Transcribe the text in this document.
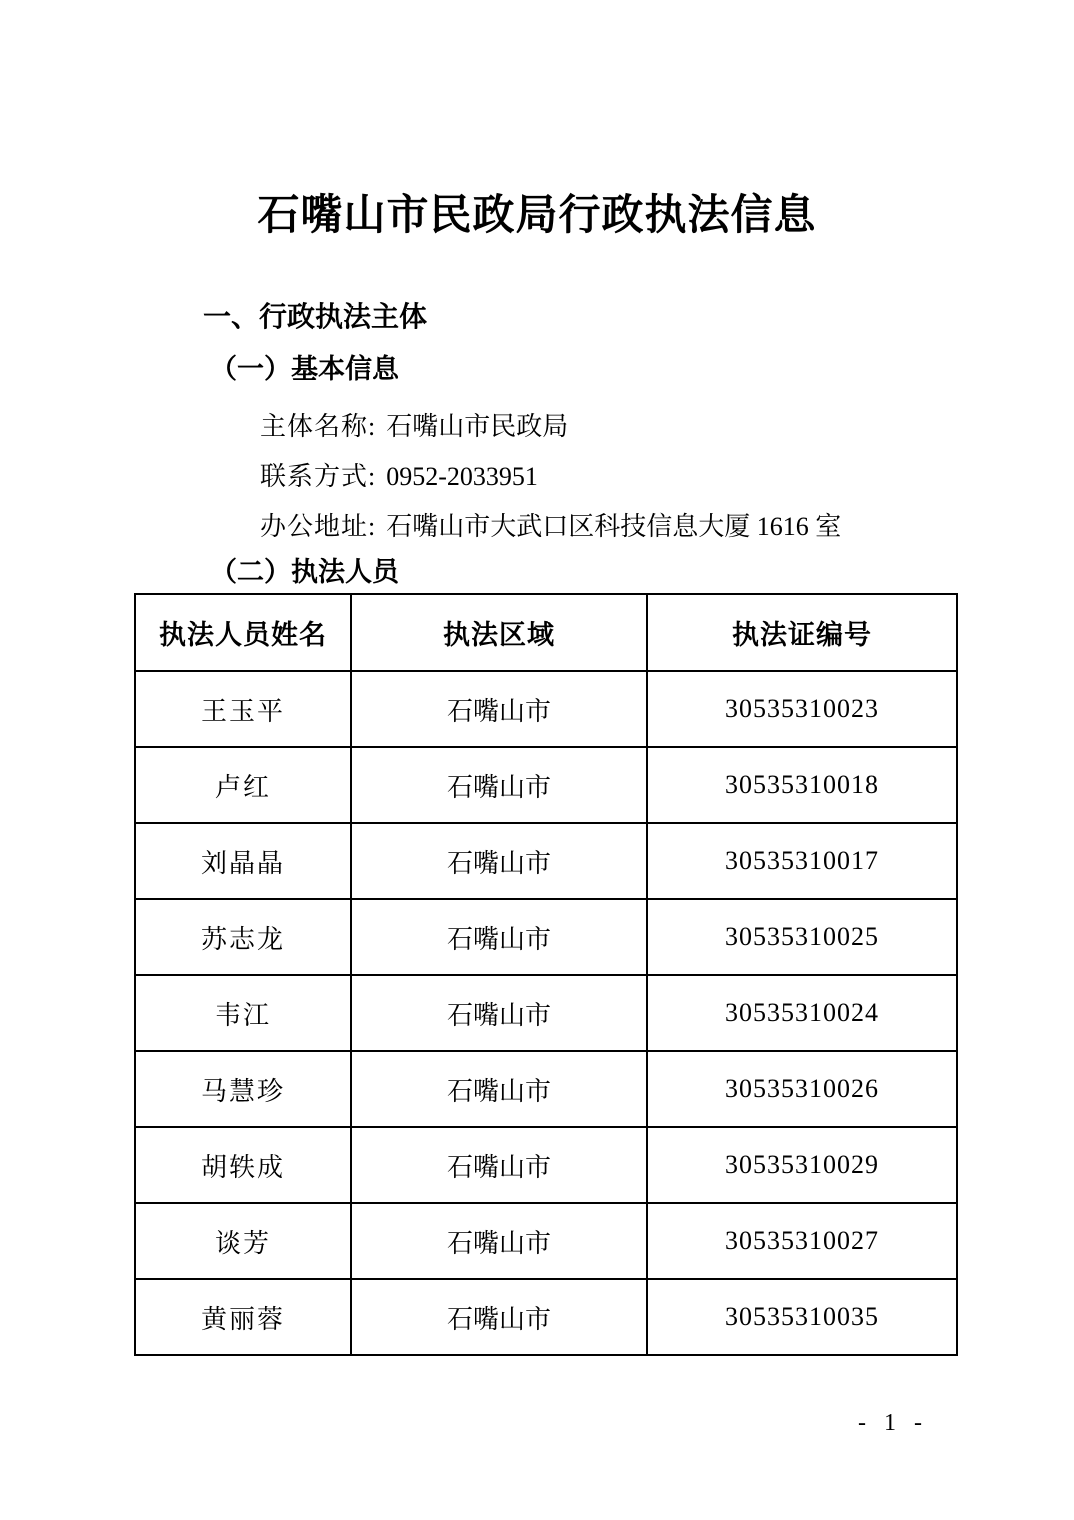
石嘴山市民政局行政执法信息
一、行政执法主体
（一）基本信息
主体名称: 石嘴山市民政局
联系方式: 0952-2033951
办公地址: 石嘴山市大武口区科技信息大厦 1616 室
（二）执法人员
执法人员姓名	执法区域	执法证编号
王玉平	石嘴山市	30535310023
卢红	石嘴山市	30535310018
刘晶晶	石嘴山市	30535310017
苏志龙	石嘴山市	30535310025
韦江	石嘴山市	30535310024
马慧珍	石嘴山市	30535310026
胡轶成	石嘴山市	30535310029
谈芳	石嘴山市	30535310027
黄丽蓉	石嘴山市	30535310035
- 1 -
